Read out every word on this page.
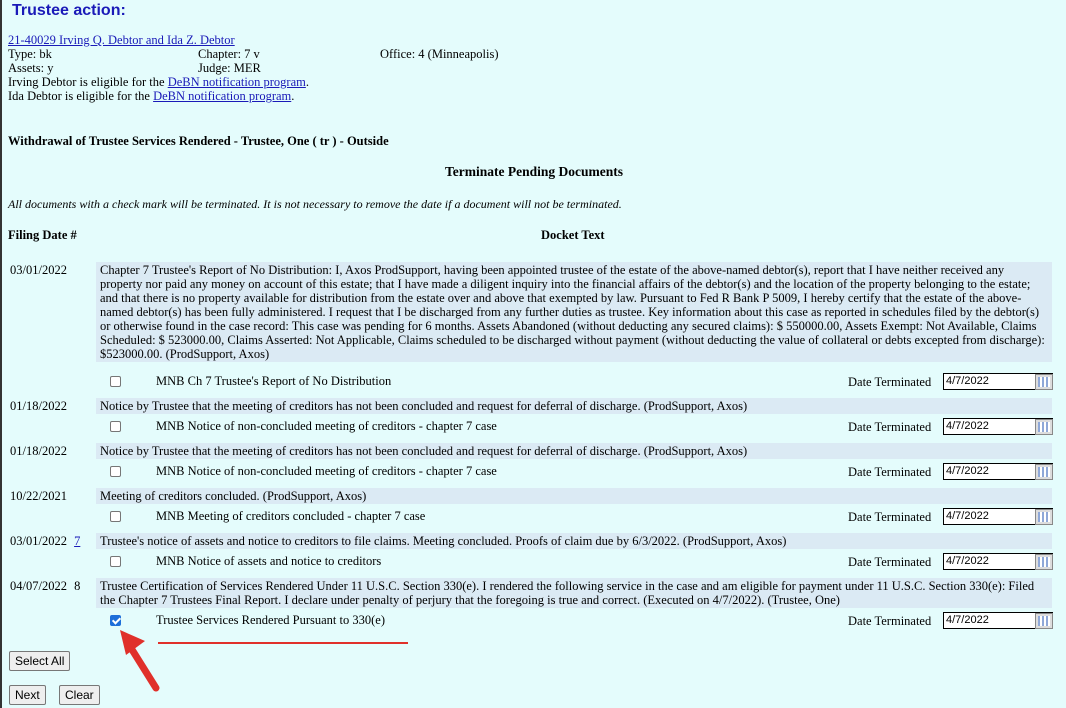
Trustee action:
21-40029 Irving Q. Debtor and Ida Z. Debtor
Type: bk	Chapter: 7 v	Office: 4 (Minneapolis)
Assets: y	Judge: MER
Irving Debtor is eligible for the DeBN notification program.
Ida Debtor is eligible for the DeBN notification program.
Withdrawal of Trustee Services Rendered - Trustee, One ( tr ) - Outside
Terminate Pending Documents
All documents with a check mark will be terminated. It is not necessary to remove the date if a document will not be terminated.
Filing Date #	Docket Text
03/01/2022	Chapter 7 Trustee's Report of No Distribution: I, Axos ProdSupport, having been appointed trustee of the estate of the above-named debtor(s), report that I have neither received any property nor paid any money on account of this estate; that I have made a diligent inquiry into the financial affairs of the debtor(s) and the location of the property belonging to the estate; and that there is no property available for distribution from the estate over and above that exempted by law. Pursuant to Fed R Bank P 5009, I hereby certify that the estate of the above-named debtor(s) has been fully administered. I request that I be discharged from any further duties as trustee. Key information about this case as reported in schedules filed by the debtor(s) or otherwise found in the case record: This case was pending for 6 months. Assets Abandoned (without deducting any secured claims): $ 550000.00, Assets Exempt: Not Available, Claims Scheduled: $ 523000.00, Claims Asserted: Not Applicable, Claims scheduled to be discharged without payment (without deducting the value of collateral or debts excepted from discharge): $523000.00. (ProdSupport, Axos)
MNB Ch 7 Trustee's Report of No Distribution	Date Terminated 4/7/2022
01/18/2022	Notice by Trustee that the meeting of creditors has not been concluded and request for deferral of discharge. (ProdSupport, Axos)
MNB Notice of non-concluded meeting of creditors - chapter 7 case	Date Terminated 4/7/2022
01/18/2022	Notice by Trustee that the meeting of creditors has not been concluded and request for deferral of discharge. (ProdSupport, Axos)
MNB Notice of non-concluded meeting of creditors - chapter 7 case	Date Terminated 4/7/2022
10/22/2021	Meeting of creditors concluded. (ProdSupport, Axos)
MNB Meeting of creditors concluded - chapter 7 case	Date Terminated 4/7/2022
03/01/2022 7	Trustee's notice of assets and notice to creditors to file claims. Meeting concluded. Proofs of claim due by 6/3/2022. (ProdSupport, Axos)
MNB Notice of assets and notice to creditors	Date Terminated 4/7/2022
04/07/2022 8	Trustee Certification of Services Rendered Under 11 U.S.C. Section 330(e). I rendered the following service in the case and am eligible for payment under 11 U.S.C. Section 330(e): Filed the Chapter 7 Trustees Final Report. I declare under penalty of perjury that the foregoing is true and correct. (Executed on 4/7/2022). (Trustee, One)
Trustee Services Rendered Pursuant to 330(e)	Date Terminated 4/7/2022
Select All
Next	Clear
